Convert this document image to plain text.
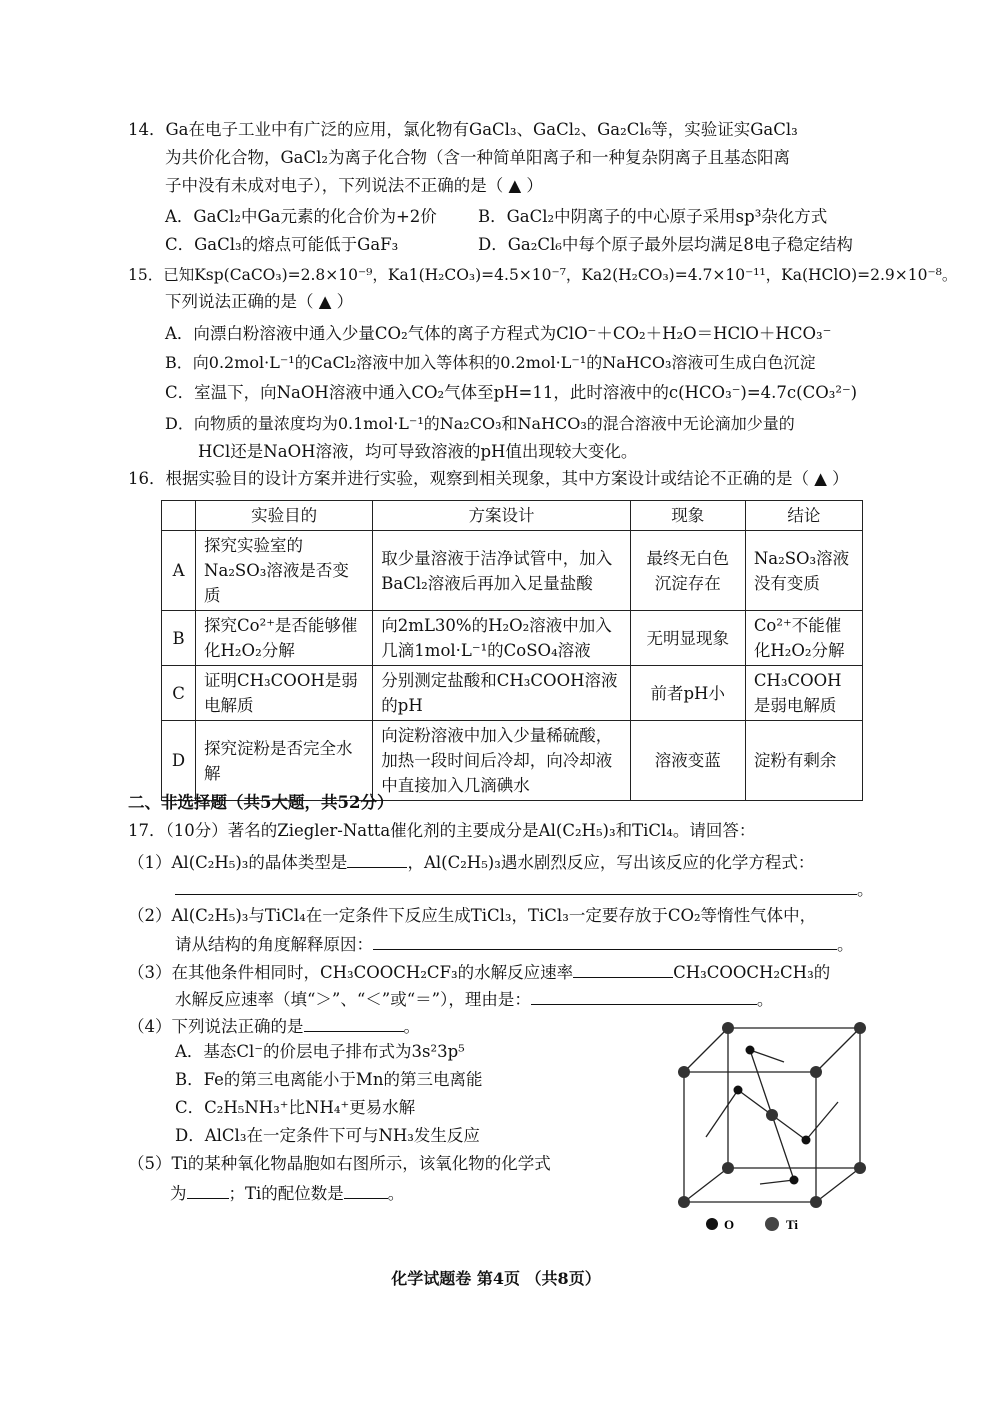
14．Ga在电子工业中有广泛的应用，氯化物有GaCl₃、GaCl₂、Ga₂Cl₆等，实验证实GaCl₃
为共价化合物，GaCl₂为离子化合物（含一种简单阳离子和一种复杂阴离子且基态阳离
子中没有未成对电子），下列说法不正确的是（ ▲ ）
A．GaCl₂中Ga元素的化合价为+2价 B．GaCl₂中阴离子的中心原子采用sp³杂化方式
C．GaCl₃的熔点可能低于GaF₃	D．Ga₂Cl₆中每个原子最外层均满足8电子稳定结构
15．已知Ksp(CaCO₃)=2.8×10⁻⁹，Ka1(H₂CO₃)=4.5×10⁻⁷，Ka2(H₂CO₃)=4.7×10⁻¹¹，Ka(HClO)=2.9×10⁻⁸。
下列说法正确的是（ ▲ ）
A．向漂白粉溶液中通入少量CO₂气体的离子方程式为ClO⁻＋CO₂＋H₂O＝HClO＋HCO₃⁻
B．向0.2mol·L⁻¹的CaCl₂溶液中加入等体积的0.2mol·L⁻¹的NaHCO₃溶液可生成白色沉淀
C．室温下，向NaOH溶液中通入CO₂气体至pH=11，此时溶液中的c(HCO₃⁻)=4.7c(CO₃²⁻)
D．向物质的量浓度均为0.1mol·L⁻¹的Na₂CO₃和NaHCO₃的混合溶液中无论滴加少量的
HCl还是NaOH溶液，均可导致溶液的pH值出现较大变化。
16．根据实验目的设计方案并进行实验，观察到相关现象，其中方案设计或结论不正确的是（ ▲ ）
	实验目的	方案设计	现象	结论
A	探究实验室的Na₂SO₃溶液是否变质	取少量溶液于洁净试管中，加入BaCl₂溶液后再加入足量盐酸	最终无白色沉淀存在	Na₂SO₃溶液没有变质
B	探究Co²⁺是否能够催化H₂O₂分解	向2mL30%的H₂O₂溶液中加入几滴1mol·L⁻¹的CoSO₄溶液	无明显现象	Co²⁺不能催化H₂O₂分解
C	证明CH₃COOH是弱电解质	分别测定盐酸和CH₃COOH溶液的pH	前者pH小	CH₃COOH是弱电解质
D	探究淀粉是否完全水解	向淀粉溶液中加入少量稀硫酸，加热一段时间后冷却，向冷却液中直接加入几滴碘水	溶液变蓝	淀粉有剩余
二、非选择题（共5大题，共52分）
17．（10分）著名的Ziegler-Natta催化剂的主要成分是Al(C₂H₅)₃和TiCl₄。请回答：
（1）Al(C₂H₅)₃的晶体类型是	，Al(C₂H₅)₃遇水剧烈反应，写出该反应的化学方程式：
。
（2）Al(C₂H₅)₃与TiCl₄在一定条件下反应生成TiCl₃，TiCl₃一定要存放于CO₂等惰性气体中，
请从结构的角度解释原因：	。
（3）在其他条件相同时，CH₃COOCH₂CF₃的水解反应速率	CH₃COOCH₂CH₃的
水解反应速率（填“＞”、“＜”或“＝”），理由是：	。
（4）下列说法正确的是	。
A．基态Cl⁻的价层电子排布式为3s²3p⁵
B．Fe的第三电离能小于Mn的第三电离能
C．C₂H₅NH₃⁺比NH₄⁺更易水解
D．AlCl₃在一定条件下可与NH₃发生反应
（5）Ti的某种氧化物晶胞如右图所示，该氧化物的化学式
为	；Ti的配位数是	。
O	Ti
化学试题卷 第4页 （共8页）
